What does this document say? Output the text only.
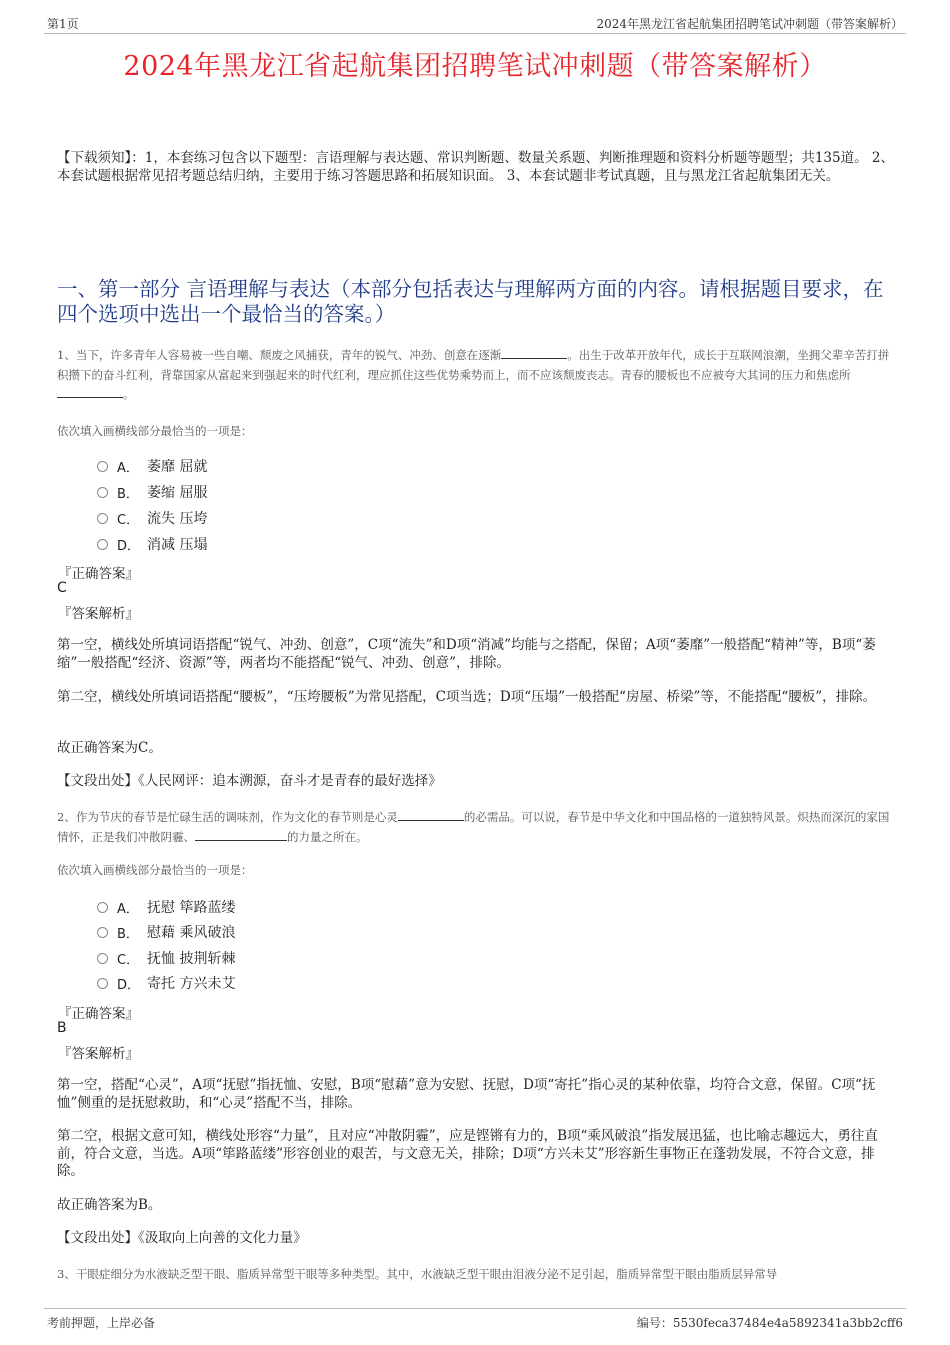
第1页	2024年黑龙江省起航集团招聘笔试冲刺题（带答案解析）
2024年黑龙江省起航集团招聘笔试冲刺题（带答案解析）
【下载须知】：1，本套练习包含以下题型：言语理解与表达题、常识判断题、数量关系题、判断推理题和资料分析题等题型；共135道。 2、本套试题根据常见招考题总结归纳，主要用于练习答题思路和拓展知识面。 3、本套试题非考试真题，且与黑龙江省起航集团无关。
一、第一部分 言语理解与表达（本部分包括表达与理解两方面的内容。请根据题目要求，在四个选项中选出一个最恰当的答案。）
1、当下，许多青年人容易被一些自嘲、颓废之风捕获，青年的锐气、冲劲、创意在逐渐	。出生于改革开放年代，成长于互联网浪潮，坐拥父辈辛苦打拼积攒下的奋斗红利，背靠国家从富起来到强起来的时代红利，理应抓住这些优势乘势而上，而不应该颓废丧志。青春的腰板也不应被夸大其词的压力和焦虑所。
依次填入画横线部分最恰当的一项是：
A． 萎靡 屈就
B． 萎缩 屈服
C． 流失 压垮
D． 消减 压塌
『正确答案』
C
『答案解析』
第一空，横线处所填词语搭配“锐气、冲劲、创意”，C项“流失”和D项“消减”均能与之搭配，保留；A项“萎靡”一般搭配“精神”等，B项“萎缩”一般搭配“经济、资源”等，两者均不能搭配“锐气、冲劲、创意”，排除。
第二空，横线处所填词语搭配“腰板”，“压垮腰板”为常见搭配，C项当选；D项“压塌”一般搭配“房屋、桥梁”等，不能搭配“腰板”，排除。
故正确答案为C。
【文段出处】《人民网评：追本溯源，奋斗才是青春的最好选择》
2、作为节庆的春节是忙碌生活的调味剂，作为文化的春节则是心灵	的必需品。可以说，春节是中华文化和中国品格的一道独特风景。炽热而深沉的家国情怀，正是我们冲散阴霾、	的力量之所在。
依次填入画横线部分最恰当的一项是：
A． 抚慰 筚路蓝缕
B． 慰藉 乘风破浪
C． 抚恤 披荆斩棘
D． 寄托 方兴未艾
『正确答案』
B
『答案解析』
第一空，搭配“心灵”，A项“抚慰”指抚恤、安慰，B项“慰藉”意为安慰、抚慰，D项“寄托”指心灵的某种依靠，均符合文意，保留。C项“抚恤”侧重的是抚慰救助，和“心灵”搭配不当，排除。
第二空，根据文意可知，横线处形容“力量”，且对应“冲散阴霾”，应是铿锵有力的，B项“乘风破浪”指发展迅猛，也比喻志趣远大，勇往直前，符合文意，当选。A项“筚路蓝缕”形容创业的艰苦，与文意无关，排除；D项“方兴未艾”形容新生事物正在蓬勃发展，不符合文意，排除。
故正确答案为B。
【文段出处】《汲取向上向善的文化力量》
3、干眼症细分为水液缺乏型干眼、脂质异常型干眼等多种类型。其中，水液缺乏型干眼由泪液分泌不足引起，脂质异常型干眼由脂质层异常导
考前押题，上岸必备	编号：5530feca37484e4a5892341a3bb2cff6
